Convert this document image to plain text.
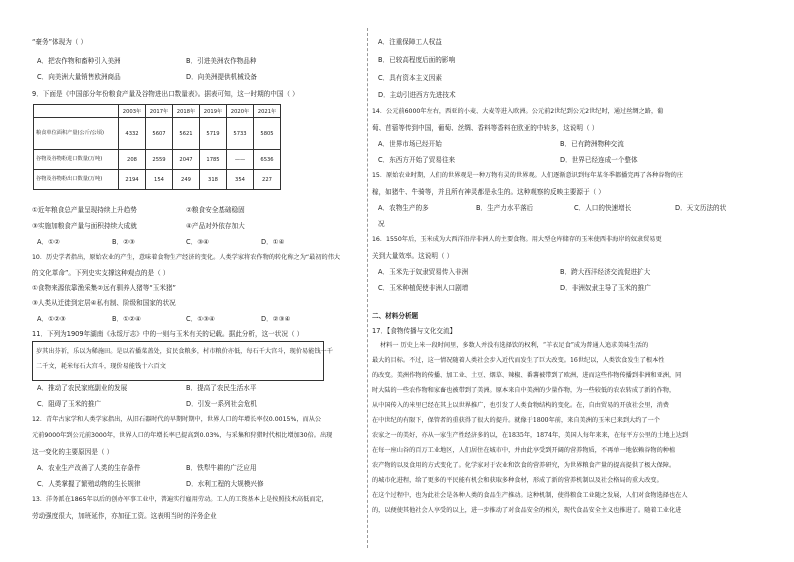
“豪务”体现为（ ）
A．把农作物和畜种引入美洲	B．引进美洲农作物品种
C．向美洲大量销售欧洲商品	D．向美洲提供机械设备
9．下面是《中国部分年份粮食产量及谷物进出口数量表》。据表可知，这一时期的中国（ ）
	2003年	2017年	2018年	2019年	2020年	2021年
粮食单位面积产量(公斤/公顷)	4332	5607	5621	5719	5733	5805
谷物及谷物粉进口数量(万吨)	208	2559	2047	1785	——	6536
谷物及谷物粉出口数量(万吨)	2194	154	249	318	354	227
①近年粮食总产量呈现持续上升趋势	②粮食安全基础稳固
③实施加粮食产量与面积持续大成就	④产品对外依存加大
A．①②	B．②③	C．③④	D．①④
10．历史学者指出，原始农业的产生，意味着食物生产经济的变化。人类学家将农作物的转化称之为“最初的伟大
的文化革命”。下列史实支撑这种观点的是（ ）
①食物来源依靠渔采集②远有驯养人猪等“玉米猪”
③人类从迁徙到定居④私有制、阶级和国家的状况
A．①②③	B．①②④	C．①③④	D．②③④
11．下列为1909年湖南《永绥厅志》中的一则与玉米有关的记载。据此分析，这一状况（ ）
岁其出芬祈，乐以为稀施田。是以若播菜盖处，贫民食粮多，村市粮价亦低，每石千大宫斗，现价易能钱一千
二千文，耗米每石大宫斗，现价易能钱十六百文
A．推动了农民家庭副业的发展	B．提高了农民生活水平
C．阻碍了玉米的推广	D．引发一系列社会危机
12．青年古家学和人类学家指出，从旧石器时代的早期时期中，世界人口的年增长率仅0.0015%，而从公
元前9000年到公元前3000年，世界人口的年增长率已提高到0.03%，与采集和狩猎时代相比增加30倍。出现
这一变化的主要原因是（ ）
A．农业生产改善了人类的生存条件	B．铁犁牛耕的广泛应用
C．人类掌握了繁殖动物的生长规律	D．水利工程的大规模兴修
13．洋务派在1865年以后的创办军事工业中，普遍实行雇用劳动。工人的工资基本上是按照技术高低而定，
劳动强度很大，加班延作，亦加征工资。这表明当时的洋务企业
A．注重保障工人权益
B．已较高程度后面的影响
C．具有资本主义因素
D．主动引进西方先进技术
14．公元前6000年左右，西亚的小麦、大麦等进入欧洲。公元前2世纪到公元2世纪时，通过丝绸之路，葡
萄、苜蓿等传到中国，葡萄、丝绸、香料等香料在欧亚的中转多，这说明（ ）
A．世界市场已经开始	B．已有跨洲物种交流
C．东西方开始了贸易往来	D．世界已经连成一个整体
15．原始农业时期，人们的世界观是一种万物有灵的世界观。人们逐渐意识到每年某冬季都播完再了各种谷物的庄
稼，如猪牛、牛骑等，并且所有神灵都是永生的。这种观察的反映主要源于（ ）
A．农物生产的多	B．生产力水平落后	C．人口的快速增长	D．天文历法的状
况
16．1550年后，玉米成为大西洋沿岸非洲人的主要食物。用大型仓库储存的玉米使西非海岸的奴隶贸易更
关到大量效率。这说明（ ）
A．玉米先于奴隶贸易传入非洲	B．跨大西洋经济交流促进扩大
C．玉米种植促使非洲人口剧增	D．非洲奴隶主导了玉米的推广
二、材料分析题
17．【食物传播与文化交流】
材料一 历史上米一段时间里，多数人并没有选择饮的权利，“羊衣足食”成为普通人追求美味生活的
最大的目标。不过，这一情况随着人类社会步入近代而发生了巨大改变。16世纪以，人类饮食发生了根本性
的改变。美洲作物的传播、加工业、土豆、烟草、辣椒、番薯被带到了欧洲，进而这些作物传播到非洲和亚洲，同
时大陆的一些农作物和家畜也被带到了美洲。原本来自中美洲的少量作物，为一些较低的农农转成了新的作物，
从中国传入的米里已经在其上以世界推广，也引发了人类食物结构的变化。在，自由贸易的开放社会里，消费
在中世纪的有限下，保管者的重获得了很大的提升。就像于1800年前，来自美洲的玉米已来到大约了一个
农家之一的美好，亦从一家生产性经济多的以，在1835年，1874年，美国人每年来来，在每平方公里的土地上达到
在每一座山谷的百万工业地区，人们居住在城市中，并由此享受到开阔的营养物质，不再单一地依赖谷物的种植
农产物的以及食用的方式变化了。化学家对于农业和饮食的营养研究，为世界粮食产量的提高提供了极大保障。
的城市化进程，给了更多的平民能有机会和获取多种食材，形成了新的营养机制以及社会格局的重大改变。
在这个过程中，也为此社会是各种人类的食品生产推动。这种机制，使得粮食工业随之发展，人们对食物选择也在人
的，以便使其他社会人享受的以上，进一步推动了对食品安全的相关，现代食品安全主义也推进了。随着工业化进
